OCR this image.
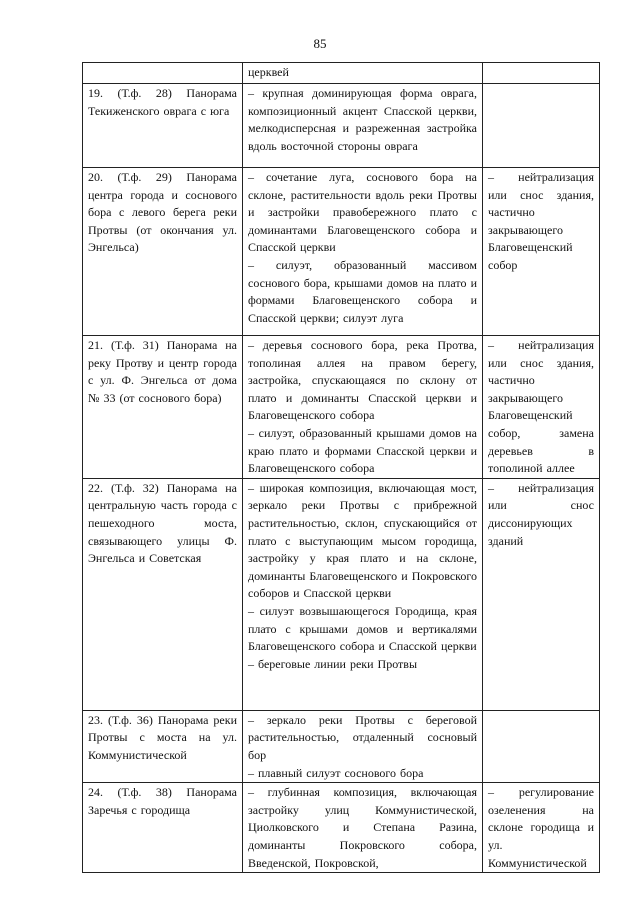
85

	церквей	

19. (Т.ф. 28) Панорама Текиженского оврага с юга	– крупная доминирующая форма оврага, композиционный акцент Спасской церкви, мелкодисперсная и разреженная застройка вдоль восточной стороны оврага	

20. (Т.ф. 29) Панорама центра города и соснового бора с левого берега реки Протвы (от окончания ул. Энгельса)	– сочетание луга, соснового бора на склоне, растительности вдоль реки Протвы и застройки правобережного плато с доминантами Благовещенского собора и Спасской церкви
– силуэт, образованный массивом соснового бора, крышами домов на плато и формами Благовещенского собора и Спасской церкви; силуэт луга	– нейтрализация или снос здания, частично закрывающего Благовещенский собор

21. (Т.ф. 31) Панорама на реку Протву и центр города с ул. Ф. Энгельса от дома № 33 (от соснового бора)	– деревья соснового бора, река Протва, тополиная аллея на правом берегу, застройка, спускающаяся по склону от плато и доминанты Спасской церкви и Благовещенского собора
– силуэт, образованный крышами домов на краю плато и формами Спасской церкви и Благовещенского собора	– нейтрализация или снос здания, частично закрывающего Благовещенский собор, замена деревьев в тополиной аллее

22. (Т.ф. 32) Панорама на центральную часть города с пешеходного моста, связывающего улицы Ф. Энгельса и Советская	– широкая композиция, включающая мост, зеркало реки Протвы с прибрежной растительностью, склон, спускающийся от плато с выступающим мысом городища, застройку у края плато и на склоне, доминанты Благовещенского и Покровского соборов и Спасской церкви
– силуэт возвышающегося Городища, края плато с крышами домов и вертикалями Благовещенского собора и Спасской церкви
– береговые линии реки Протвы	– нейтрализация или снос диссонирующих зданий

23. (Т.ф. 36) Панорама реки Протвы с моста на ул. Коммунистической	– зеркало реки Протвы с береговой растительностью, отдаленный сосновый бор
– плавный силуэт соснового бора	

24. (Т.ф. 38) Панорама Заречья с городища	– глубинная композиция, включающая застройку улиц Коммунистической, Циолковского и Степана Разина, доминанты Покровского собора, Введенской, Покровской,	– регулирование озеленения на склоне городища и ул. Коммунистической
